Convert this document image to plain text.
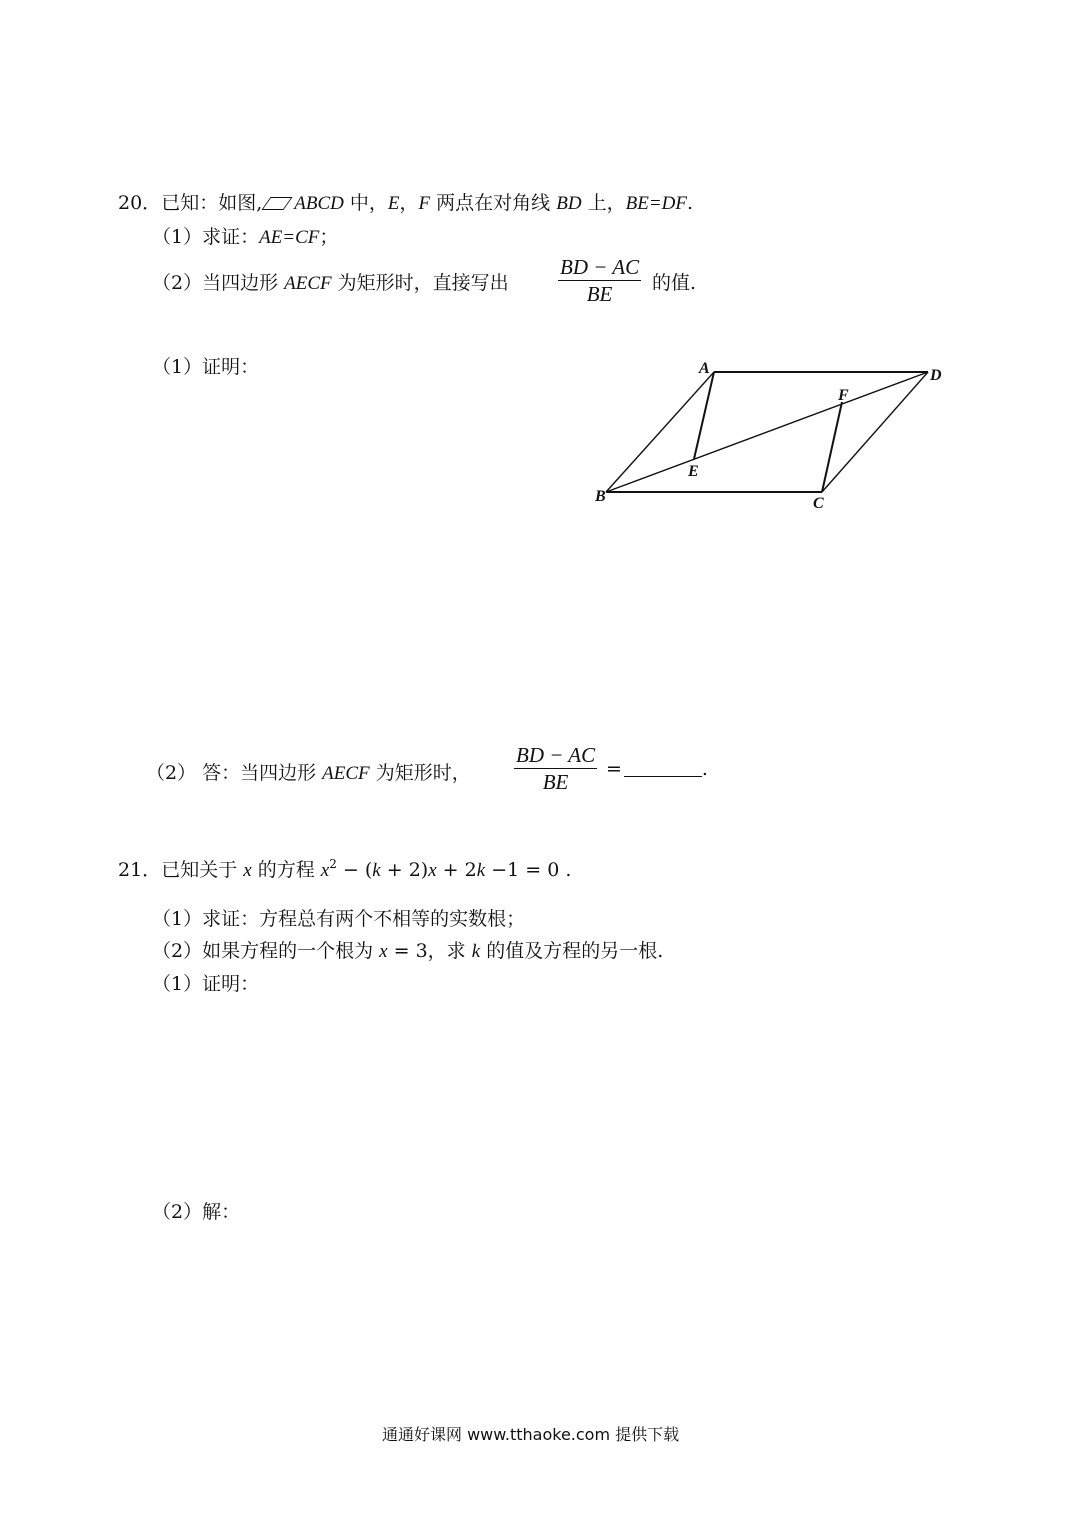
20．已知：如图, ABCD 中，E，F 两点在对角线 BD 上，BE=DF.
（1）求证：AE=CF；
（2）当四边形 AECF 为矩形时，直接写出
BD − AC
BE 的值.
（1）证明：	A	D
F
E
B	C
（2） 答：当四边形 AECF 为矩形时，
BD − AC
BE
=	.
21．已知关于 x 的方程 $x^2 - (k + 2)x + 2k -1 = 0$ .
（1）求证：方程总有两个不相等的实数根；
（2）如果方程的一个根为 x = 3，求 k 的值及方程的另一根.
（1）证明：
（2）解：
通通好课网 www.tthaoke.com 提供下载
